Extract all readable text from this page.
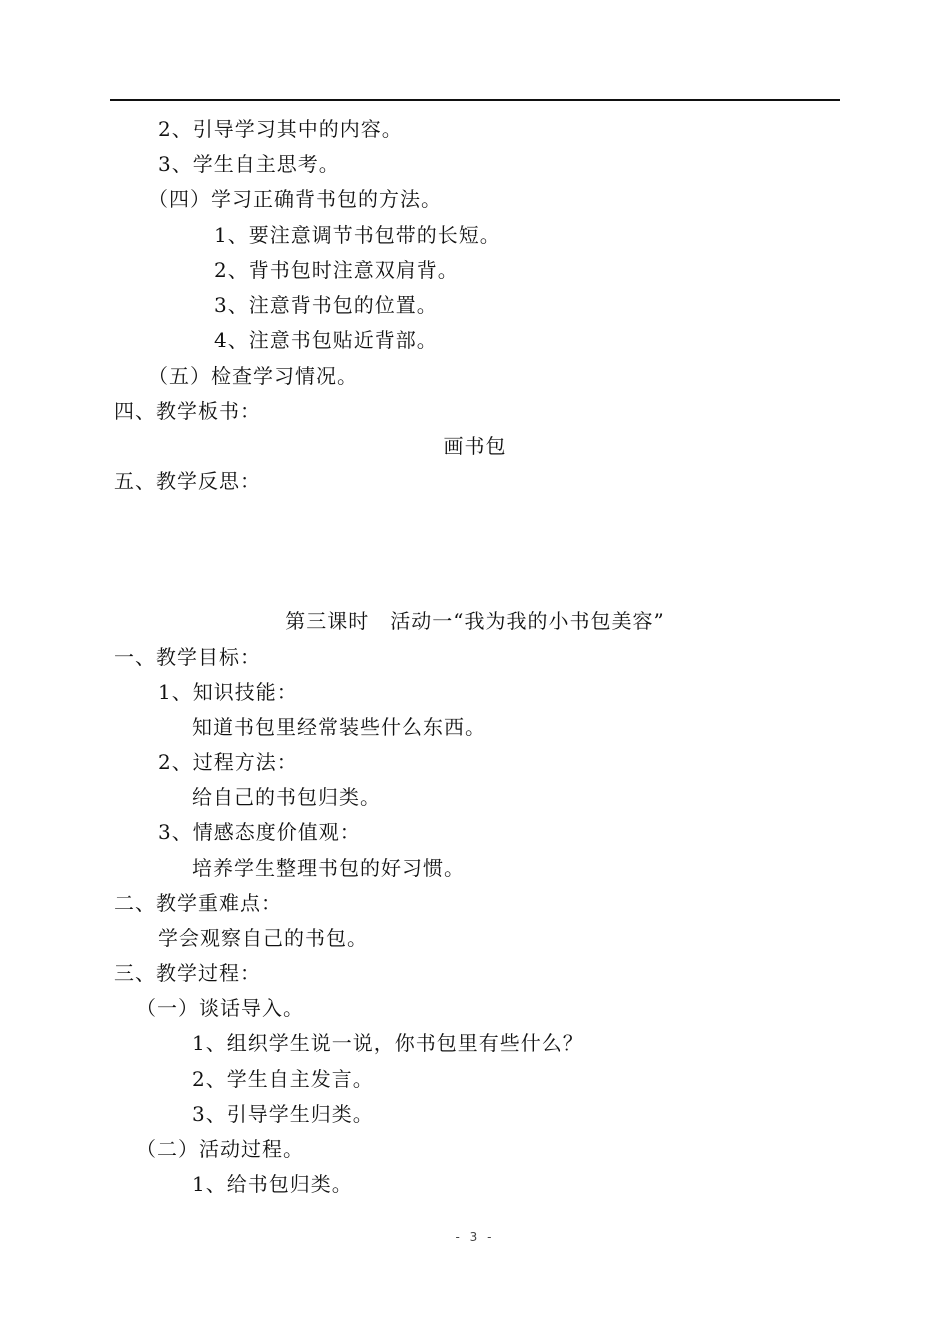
2、引导学习其中的内容。
3、学生自主思考。
（四）学习正确背书包的方法。
1、要注意调节书包带的长短。
2、背书包时注意双肩背。
3、注意背书包的位置。
4、注意书包贴近背部。
（五）检查学习情况。
四、教学板书：
画书包
五、教学反思：
第三课时　活动一“我为我的小书包美容”
一、教学目标：
1、知识技能：
知道书包里经常装些什么东西。
2、过程方法：
给自己的书包归类。
3、情感态度价值观：
培养学生整理书包的好习惯。
二、教学重难点：
学会观察自己的书包。
三、教学过程：
（一）谈话导入。
1、组织学生说一说，你书包里有些什么？
2、学生自主发言。
3、引导学生归类。
（二）活动过程。
1、给书包归类。
- 3 -
